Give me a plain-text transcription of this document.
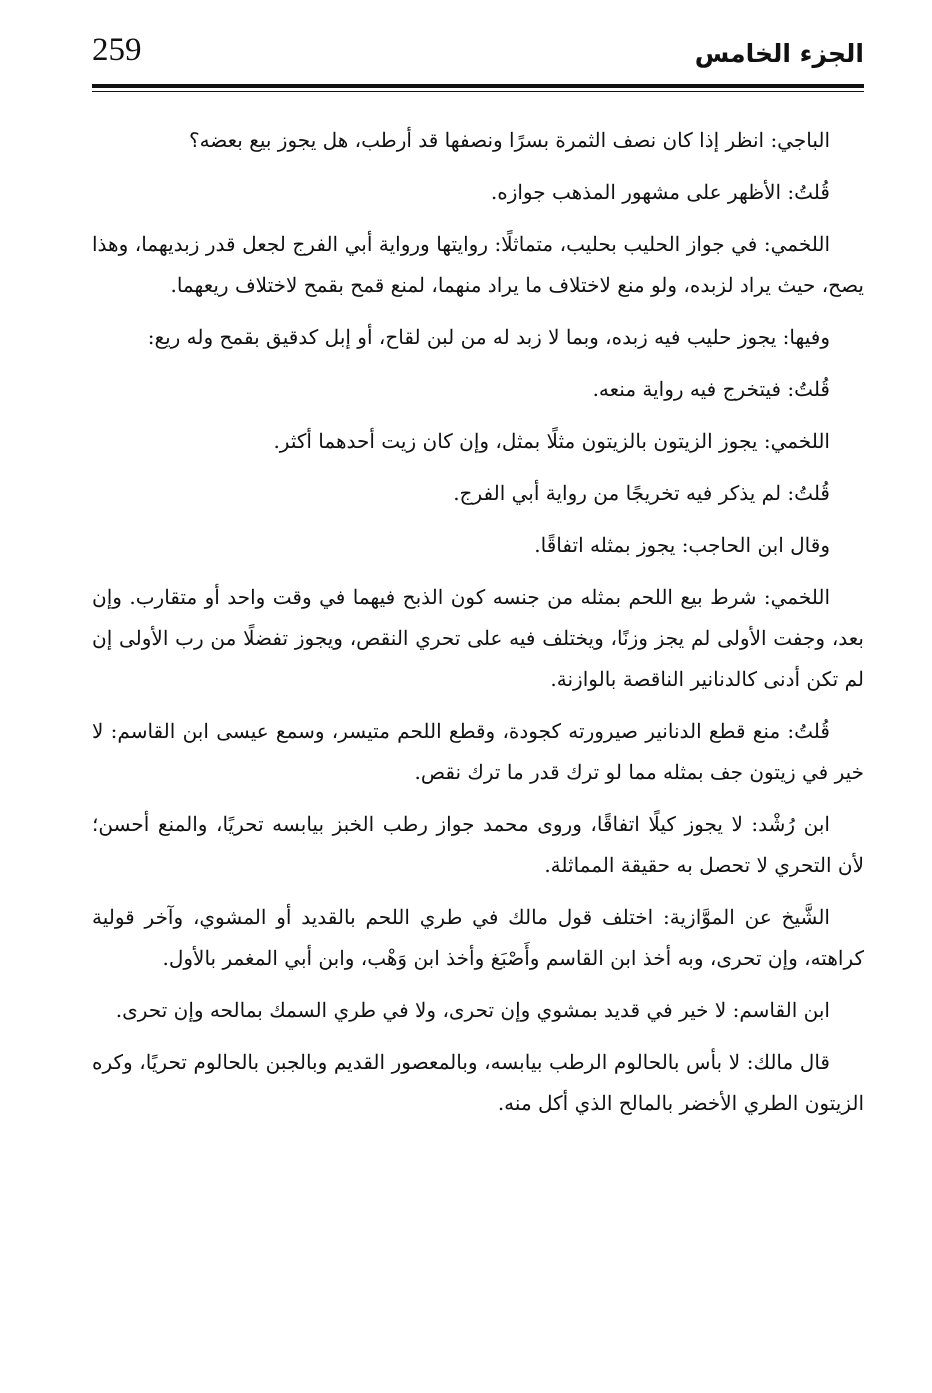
259	الجزء الخامس

الباجي: انظر إذا كان نصف الثمرة بسرًا ونصفها قد أرطب، هل يجوز بيع بعضه؟

قُلتُ: الأظهر على مشهور المذهب جوازه.

اللخمي: في جواز الحليب بحليب، متماثلًا: روايتها ورواية أبي الفرج لجعل قدر زبديهما، وهذا يصح، حيث يراد لزبده، ولو منع لاختلاف ما يراد منهما، لمنع قمح بقمح لاختلاف ريعهما.

وفيها: يجوز حليب فيه زبده، وبما لا زبد له من لبن لقاح، أو إبل كدقيق بقمح وله ريع:

قُلتُ: فيتخرج فيه رواية منعه.

اللخمي: يجوز الزيتون بالزيتون مثلًا بمثل، وإن كان زيت أحدهما أكثر.

قُلتُ: لم يذكر فيه تخريجًا من رواية أبي الفرج.

وقال ابن الحاجب: يجوز بمثله اتفاقًا.

اللخمي: شرط بيع اللحم بمثله من جنسه كون الذبح فيهما في وقت واحد أو متقارب. وإن بعد، وجفت الأولى لم يجز وزنًا، ويختلف فيه على تحري النقص، ويجوز تفضلًا من رب الأولى إن لم تكن أدنى كالدنانير الناقصة بالوازنة.

قُلتُ: منع قطع الدنانير صيرورته كجودة، وقطع اللحم متيسر، وسمع عيسى ابن القاسم: لا خير في زيتون جف بمثله مما لو ترك قدر ما ترك نقص.

ابن رُشْد: لا يجوز كيلًا اتفاقًا، وروى محمد جواز رطب الخبز بيابسه تحريًا، والمنع أحسن؛ لأن التحري لا تحصل به حقيقة المماثلة.

الشَّيخ عن الموَّازية: اختلف قول مالك في طري اللحم بالقديد أو المشوي، وآخر قولية كراهته، وإن تحرى، وبه أخذ ابن القاسم وأَصْبَغ وأخذ ابن وَهْب، وابن أبي المغمر بالأول.

ابن القاسم: لا خير في قديد بمشوي وإن تحرى، ولا في طري السمك بمالحه وإن تحرى.

قال مالك: لا بأس بالحالوم الرطب بيابسه، وبالمعصور القديم وبالجبن بالحالوم تحريًا، وكره الزيتون الطري الأخضر بالمالح الذي أكل منه.
